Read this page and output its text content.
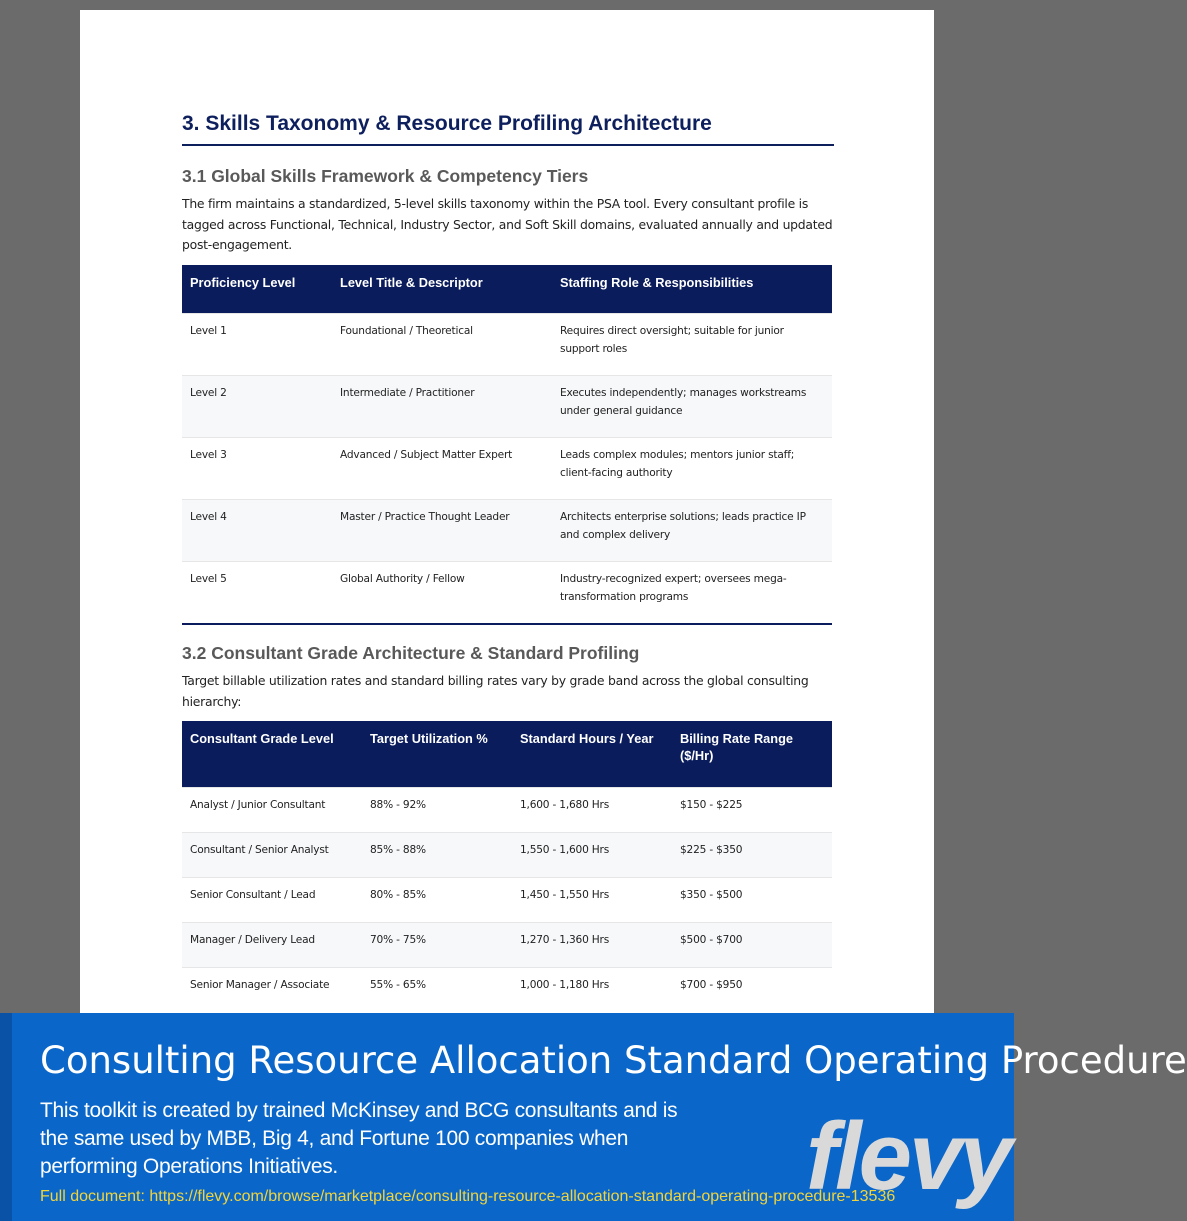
3. Skills Taxonomy & Resource Profiling Architecture
3.1 Global Skills Framework & Competency Tiers

The firm maintains a standardized, 5-level skills taxonomy within the PSA tool. Every consultant profile is tagged across Functional, Technical, Industry Sector, and Soft Skill domains, evaluated annually and updated post-engagement.

Proficiency Level	Level Title & Descriptor	Staffing Role & Responsibilities
Level 1	Foundational / Theoretical	Requires direct oversight; suitable for junior support roles
Level 2	Intermediate / Practitioner	Executes independently; manages workstreams under general guidance
Level 3	Advanced / Subject Matter Expert	Leads complex modules; mentors junior staff; client-facing authority
Level 4	Master / Practice Thought Leader	Architects enterprise solutions; leads practice IP and complex delivery
Level 5	Global Authority / Fellow	Industry-recognized expert; oversees mega-transformation programs
3.2 Consultant Grade Architecture & Standard Profiling

Target billable utilization rates and standard billing rates vary by grade band across the global consulting hierarchy:

Consultant Grade Level	Target Utilization %	Standard Hours / Year	Billing Rate Range ($/Hr)
Analyst / Junior Consultant	88% - 92%	1,600 - 1,680 Hrs	$150 - $225
Consultant / Senior Analyst	85% - 88%	1,550 - 1,600 Hrs	$225 - $350
Senior Consultant / Lead	80% - 85%	1,450 - 1,550 Hrs	$350 - $500
Manager / Delivery Lead	70% - 75%	1,270 - 1,360 Hrs	$500 - $700
Senior Manager / Associate	55% - 65%	1,000 - 1,180 Hrs	$700 - $950
Consulting Resource Allocation Standard Operating Procedure
This toolkit is created by trained McKinsey and BCG consultants and is the same used by MBB, Big 4, and Fortune 100 companies when performing Operations Initiatives.
Full document: https://flevy.com/browse/marketplace/consulting-resource-allocation-standard-operating-procedure-13536
flevy
